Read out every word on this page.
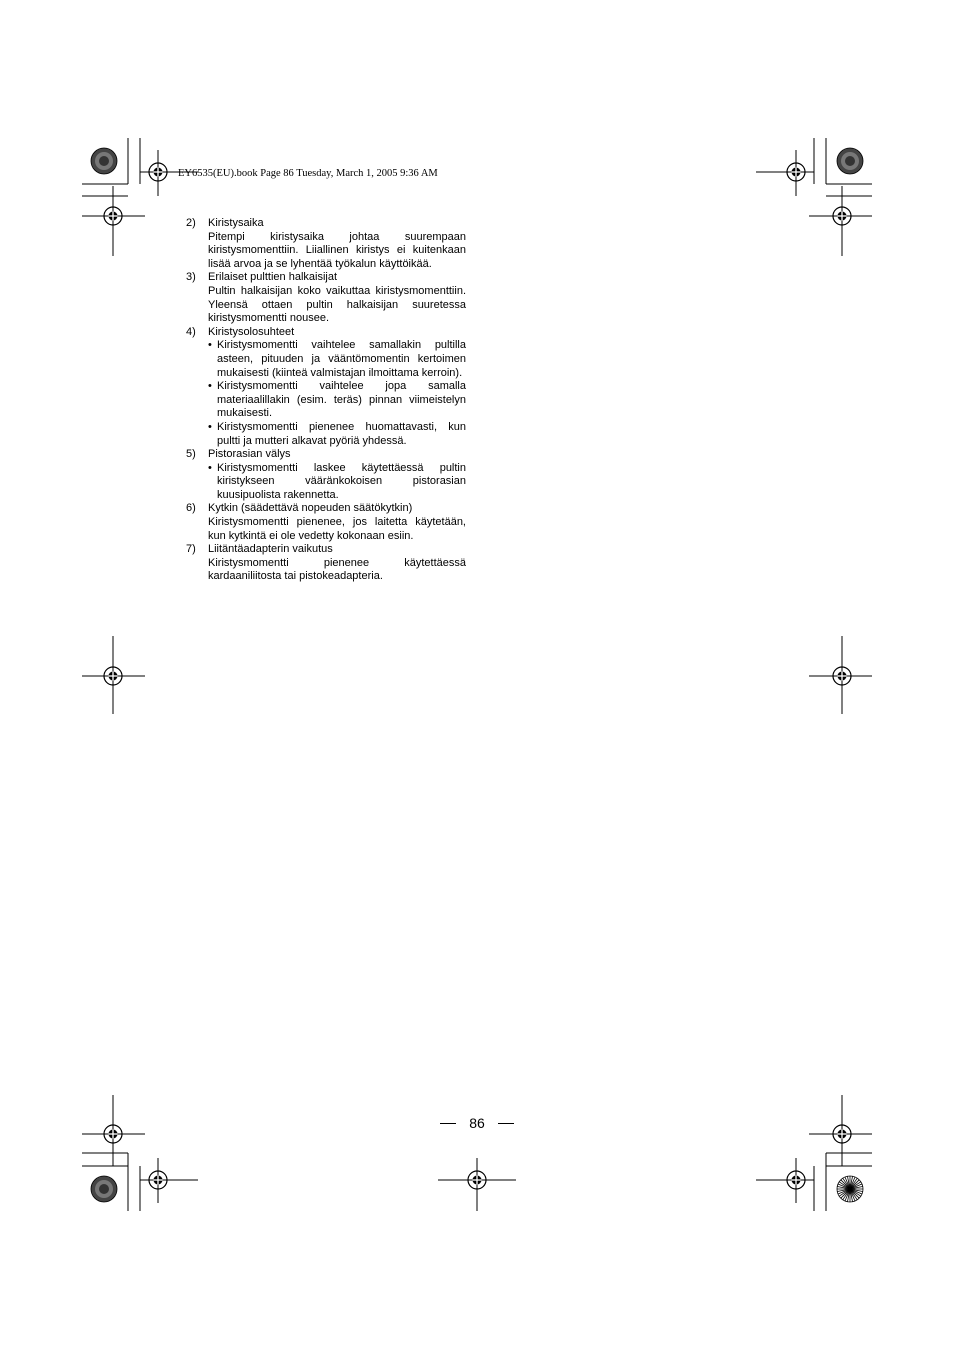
EY6535(EU).book Page 86 Tuesday, March 1, 2005 9:36 AM
2)	Kiristysaika
Pitempi kiristysaika johtaa suurempaan kiristysmomenttiin. Liiallinen kiristys ei kuitenkaan lisää arvoa ja se lyhentää työkalun käyttöikää.
3)	Erilaiset pulttien halkaisijat
Pultin halkaisijan koko vaikuttaa kiristysmomenttiin. Yleensä ottaen pultin halkaisijan suuretessa kiristysmomentti nousee.
4)	Kiristysolosuhteet
• Kiristysmomentti vaihtelee samallakin pultilla asteen, pituuden ja vääntömomentin kertoimen mukaisesti (kiinteä valmistajan ilmoittama kerroin).
• Kiristysmomentti vaihtelee jopa samalla materiaalillakin (esim. teräs) pinnan viimeistelyn mukaisesti.
• Kiristysmomentti pienenee huomattavasti, kun pultti ja mutteri alkavat pyöriä yhdessä.
5)	Pistorasian välys
• Kiristysmomentti laskee käytettäessä pultin kiristykseen vääränkokoisen pistorasian kuusipuolista rakennetta.
6)	Kytkin (säädettävä nopeuden säätökytkin)
Kiristysmomentti pienenee, jos laitetta käytetään, kun kytkintä ei ole vedetty kokonaan esiin.
7)	Liitäntäadapterin vaikutus
Kiristysmomentti pienenee käytettäessä kardaaniliitosta tai pistokeadapteria.
86
